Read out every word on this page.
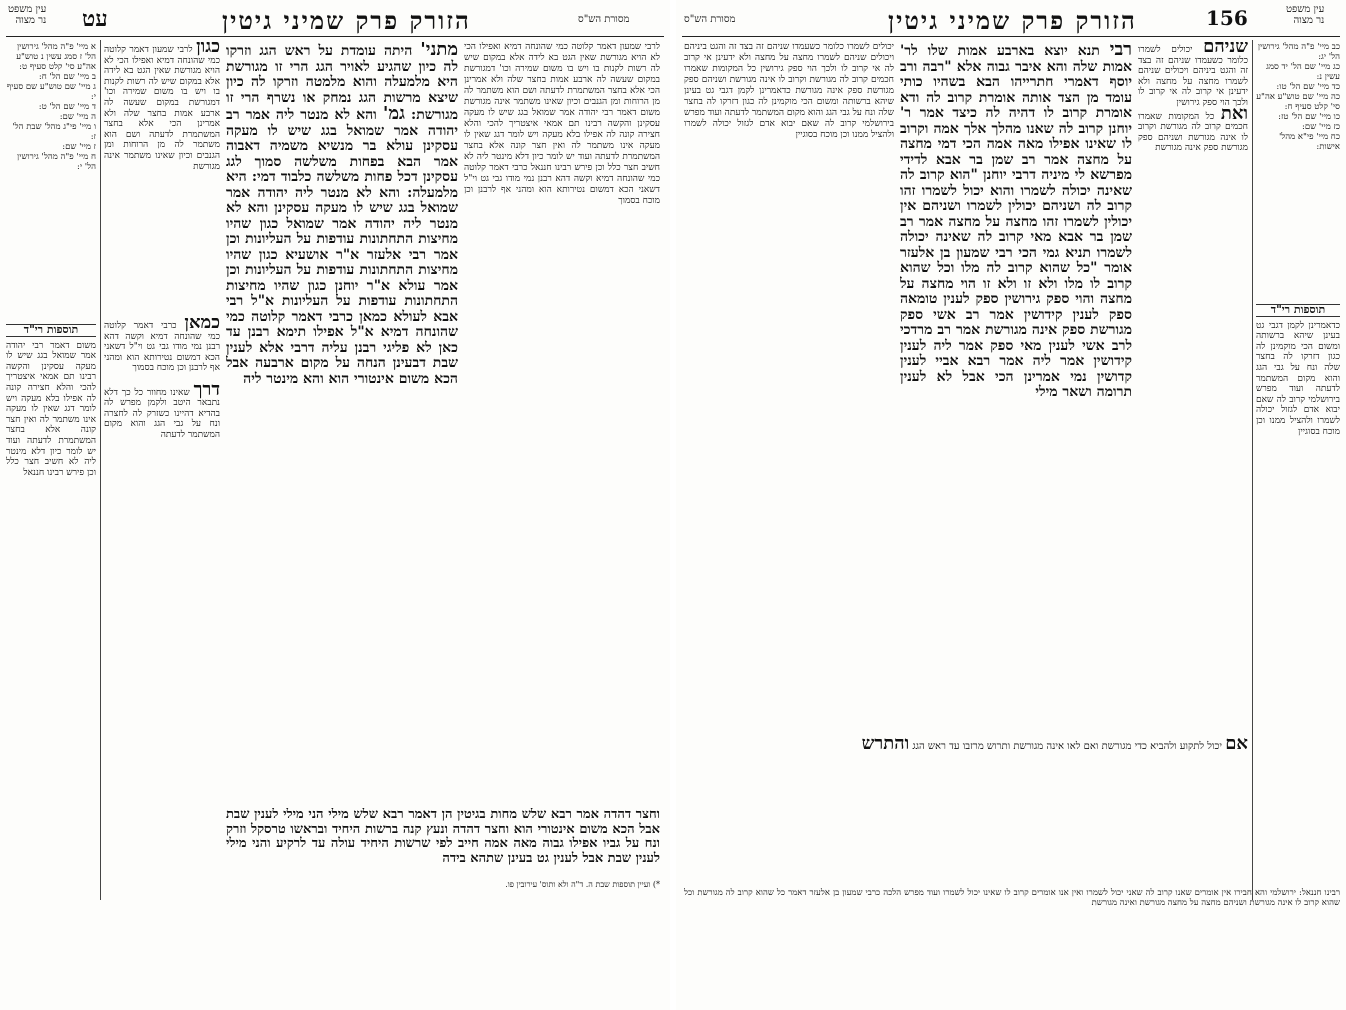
עין משפט
נר מצוה	עט	הזורק פרק שמיני גיטין	מסורת הש"ס
א מיי' פ"ה מהל' גירושין הל' ז סמג עשין נ טוש"ע אה"ע סי' קלט סעיף ט:
ב מיי' שם הל' ח:
ג מיי' שם טוש"ע שם סעיף י:
ד מיי' שם הל' ט:
ה מיי' שם:
ו מיי' פי"ג מהל' שבת הל' ז:
ז מיי' שם:
ח מיי' פ"ה מהל' גירושין הל' י:
כגון לרבי שמעון דאמר קלוטה כמי שהונחה דמיא ואפילו הכי לא הויא מגורשת שאין הגט בא לידה אלא במקום שיש לה רשות לקנות בו ויש בו משום שמירה וכו' דמגורשת במקום שעשה לה ארבע אמות בחצר שלה ולא אמרינן הכי אלא בחצר המשתמרת לדעתה ושם הוא משתמר לה מן הרוחות ומן הגנבים וכיון שאינו משתמר אינה מגורשת
תוספות רי"ד
משום דאמר רבי יהודה אמר שמואל בגג שיש לו מעקה עסקינן והקשה רבינו תם אמאי איצטריך להכי והלא חצירה קונה לה אפילו בלא מעקה ויש לומר דגג שאין לו מעקה אינו משתמר לה ואין חצר קונה אלא בחצר המשתמרת לדעתה ועוד יש לומר כיון דלא מינטר ליה לא חשיב חצר כלל וכן פירש רבינו חננאל
כמאן כרבי דאמר קלוטה כמי שהונחה דמיא וקשה דהא רבנן נמי מודו גבי גט וי"ל דשאני הכא דמשום נטירותא הוא ומהני אף לרבנן וכן מוכח בסמוך

דרך שאינו מחוור כל כך דלא נתבאר היטב ולקמן מפרש לה בהדיא דהיינו כשזרק לה לחצרה ונח על גבי הגג והוא מקום המשתמר לדעתה
מתני' היתה עומדת על ראש הגג וזרקו לה כיון שהגיע לאויר הגג הרי זו מגורשת היא מלמעלה והוא מלמטה וזרקו לה כיון שיצא מרשות הגג נמחק או נשרף הרי זו מגורשת: גמ' והא לא מנטר ליה אמר רב יהודה אמר שמואל בגג שיש לו מעקה עסקינן עולא בר מנשיא משמיה דאבוה אמר הבא בפחות משלשה סמוך לגג עסקינן דכל פחות משלשה כלבוד דמי: היא מלמעלה: והא לא מנטר ליה יהודה אמר שמואל בגג שיש לו מעקה עסקינן והא לא מנטר ליה יהודה אמר שמואל כגון שהיו מחיצות התחתונות עודפות על העליונות וכן אמר רבי אלעזר א"ר אושעיא כגון שהיו מחיצות התחתונות עודפות על העליונות וכן אמר עולא א"ר יוחנן כגון שהיו מחיצות התחתונות עודפות על העליונות א"ל רבי אבא לעולא כמאן כרבי דאמר קלוטה כמי שהונחה דמיא א"ל אפילו תימא רבנן עד כאן לא פליגי רבנן עליה דרבי אלא לענין שבת דבעינן הנחה על מקום ארבעה אבל הכא משום אינטורי הוא והא מינטר ליה
לרבי שמעון דאמר קלוטה כמי שהונחה דמיא ואפילו הכי לא הויא מגורשת שאין הגט בא לידה אלא במקום שיש לה רשות לקנות בו ויש בו משום שמירה וכו' דמגורשת במקום שעשה לה ארבע אמות בחצר שלה ולא אמרינן הכי אלא בחצר המשתמרת לדעתה ושם הוא משתמר לה מן הרוחות ומן הגנבים וכיון שאינו משתמר אינה מגורשת משום דאמר רבי יהודה אמר שמואל בגג שיש לו מעקה עסקינן והקשה רבינו תם אמאי איצטריך להכי והלא חצירה קונה לה אפילו בלא מעקה ויש לומר דגג שאין לו מעקה אינו משתמר לה ואין חצר קונה אלא בחצר המשתמרת לדעתה ועוד יש לומר כיון דלא מינטר ליה לא חשיב חצר כלל וכן פירש רבינו חננאל כרבי דאמר קלוטה כמי שהונחה דמיא וקשה דהא רבנן נמי מודו גבי גט וי"ל דשאני הכא דמשום נטירותא הוא ומהני אף לרבנן וכן מוכח בסמוך
וחצר דהדה אמר רבא שלש מחות בגיטין הן דאמר רבא שלש מילי הני מילי לענין שבת אבל הכא משום אינטורי הוא וחצר דהדה ונעץ קנה ברשות היחיד ובראשו טרסקל וזרק ונח על גביו אפילו גבוה מאה אמה חייב לפי שרשות היחיד עולה עד לרקיע והני מילי לענין שבת אבל לענין גט בעינן שתהא בידה
*) ועיין תוספות שבת ה. ד"ה ולא ותוס' עירובין פו.
מסורת הש"ס	הזורק פרק שמיני גיטין	156	עין משפט
נר מצוה
יכולים לשמרו כלומר כשעמדו שניהם זה בצד זה והגט ביניהם ויכולים שניהם לשמרו מחצה על מחצה ולא ידעינן אי קרוב לה אי קרוב לו ולכך הוי ספק גירושין כל המקומות שאמרו חכמים קרוב לה מגורשת וקרוב לו אינה מגורשת ושניהם ספק מגורשת ספק אינה מגורשת כדאמרינן לקמן דגבי גט בעינן שיהא ברשותה ומשום הכי מוקמינן לה כגון דזרקו לה בחצר שלה ונח על גבי הגג והוא מקום המשתמר לדעתה ועוד מפרש בירושלמי קרוב לה שאם יבוא אדם לגזול יכולה לשמרו ולהציל ממנו וכן מוכח בסוגיין
רבי תנא יוצא בארבע אמות שלו לר' אמות שלה והא איבר גבוה אלא "רבה ורב יוסף דאמרי חתרייהו הבא בשהיו כותי עומד מן הצד אותה אומרת קרוב לה ודא אומרת קרוב לו דהיה לה כיצד אמר ר' יוחנן קרוב לה שאנו מהלך אלך אמה וקרוב לו שאינו אפילו מאה אמה הכי דמי מחצה על מחצה אמר רב שמן בר אבא לדידי מפרשא לי מיניה דרבי יוחנן "הוא קרוב לה שאינה יכולה לשמרו והוא יכול לשמרו זהו קרוב לה ושניהם יכולין לשמרו ושניהם אין יכולין לשמרו זהו מחצה על מחצה אמר רב שמן בר אבא מאי קרוב לה שאינה יכולה לשמרו תניא גמי הכי רבי שמעון בן אלעזר אומר "כל שהוא קרוב לה מלו וכל שהוא קרוב לו מלו ולא זו ולא זו הוי מחצה על מחצה והוי ספק גירושין ספק לענין טומאה ספק לענין קידושין אמר רב אשי ספק מגורשת ספק אינה מגורשת אמר רב מרדכי לרב אשי לענין מאי ספק אמר ליה לענין קידושין אמר ליה אמר רבא אביי לענין קדושין נמי אמרינן הכי אבל לא לענין תרומה ושאר מילי
שניהם יכולים לשמרו כלומר כשעמדו שניהם זה בצד זה והגט ביניהם ויכולים שניהם לשמרו מחצה על מחצה ולא ידעינן אי קרוב לה אי קרוב לו ולכך הוי ספק גירושין
ואת כל המקומות שאמרו חכמים קרוב לה מגורשת וקרוב לו אינה מגורשת ושניהם ספק מגורשת ספק אינה מגורשת
כב מיי' פ"ה מהל' גירושין הל' יג:
כג מיי' שם הל' יד סמג עשין נ:
כד מיי' שם הל' טו:
כה מיי' שם טוש"ע אה"ע סי' קלט סעיף ח:
כו מיי' שם הל' טז:
כז מיי' שם:
כח מיי' פי"א מהל' אישות:
תוספות רי"ד
כדאמרינן לקמן דגבי גט בעינן שיהא ברשותה ומשום הכי מוקמינן לה כגון דזרקו לה בחצר שלה ונח על גבי הגג והוא מקום המשתמר לדעתה ועוד מפרש בירושלמי קרוב לה שאם יבוא אדם לגזול יכולה לשמרו ולהציל ממנו וכן מוכח בסוגיין
אם יכול לתקוע ולהביא כדי מגורשת ואם לאו אינה מגורשת ותרוש מרזבו עד ראש הגג והתרש
רבינו חננאל: ירושלמי והא חבירו אין אומרים שאנו קרוב לה שאני יכול לשמרו ואין אנו אומרים קרוב לו שאינו יכול לשמרו ועוד מפרש הלכה כרבי שמעון בן אלעזר דאמר כל שהוא קרוב לה מגורשת וכל שהוא קרוב לו אינה מגורשת ושניהם מחצה על מחצה מגורשת ואינה מגורשת
